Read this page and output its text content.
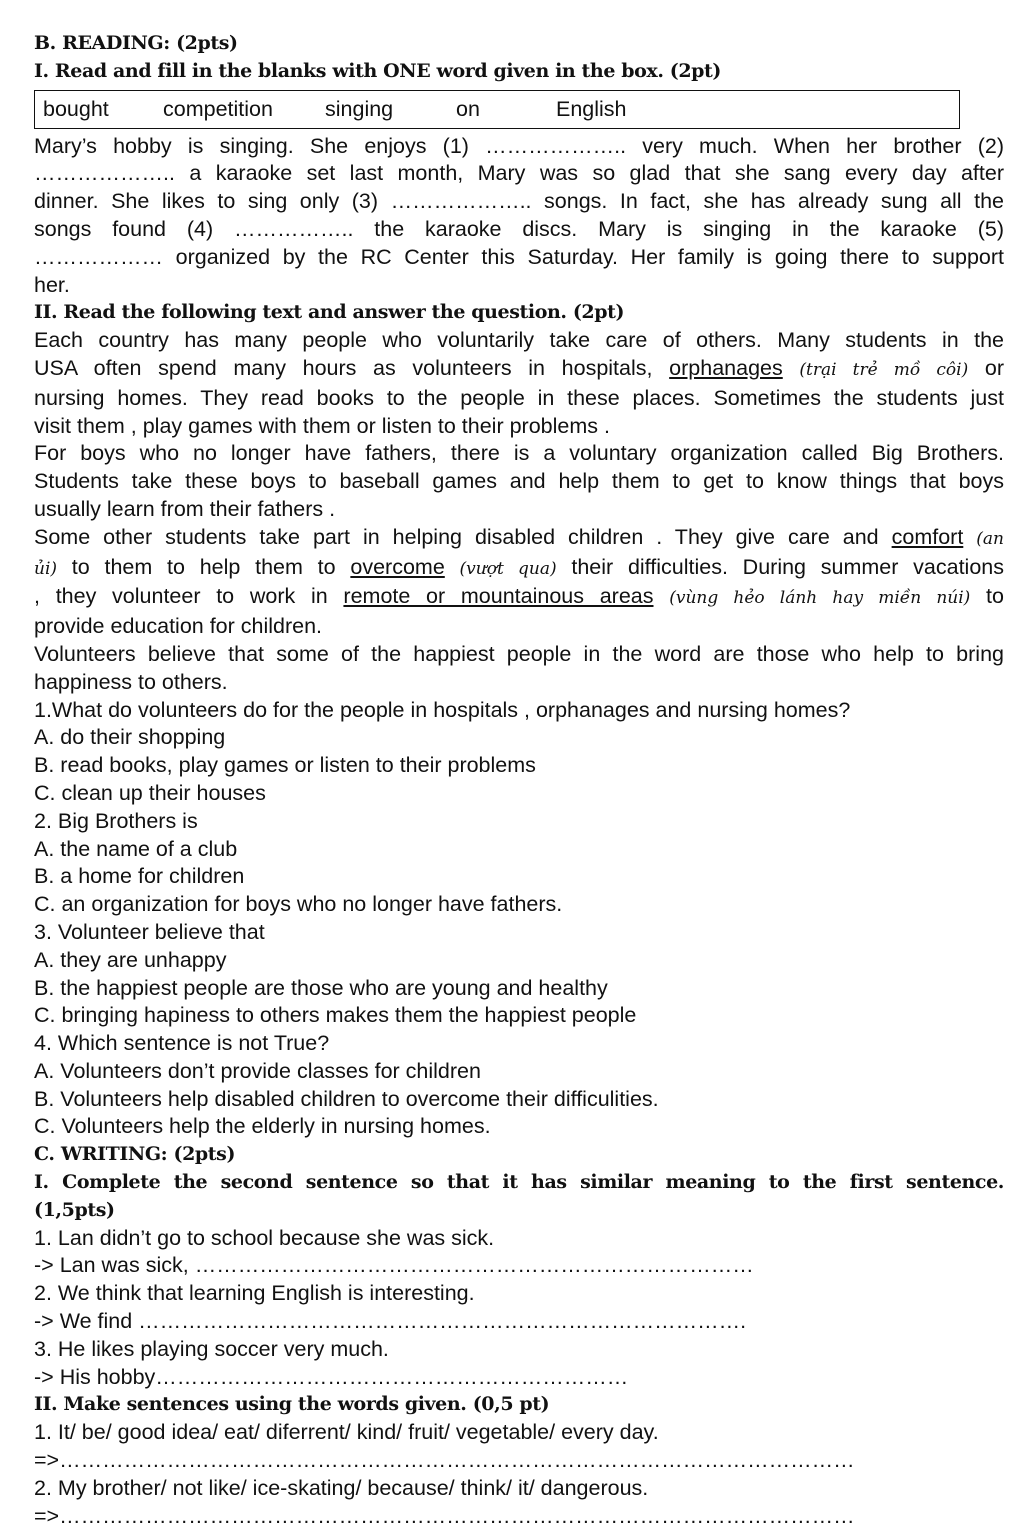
B. READING: (2pts)
I. Read and fill in the blanks with ONE word given in the box. (2pt)
bought	competition singing	on	English
Mary’s hobby is singing. She enjoys (1) ……………….. very much. When her brother (2)
……………….. a karaoke set last month, Mary was so glad that she sang every day after
dinner. She likes to sing only (3) ……………….. songs. In fact, she has already sung all the
songs found (4) …………….. the karaoke discs. Mary is singing in the karaoke (5)
……………… organized by the RC Center this Saturday. Her family is going there to support
her.
II. Read the following text and answer the question. (2pt)
Each country has many people who voluntarily take care of others. Many students in the
USA often spend many hours as volunteers in hospitals, orphanages (trại trẻ mồ côi) or
nursing homes. They read books to the people in these places. Sometimes the students just
visit them , play games with them or listen to their problems .
For boys who no longer have fathers, there is a voluntary organization called Big Brothers.
Students take these boys to baseball games and help them to get to know things that boys
usually learn from their fathers .
Some other students take part in helping disabled children . They give care and comfort (an
ủi) to them to help them to overcome (vượt qua) their difficulties. During summer vacations
, they volunteer to work in remote or mountainous areas (vùng hẻo lánh hay miền núi) to
provide education for children.
Volunteers believe that some of the happiest people in the word are those who help to bring
happiness to others.
1.What do volunteers do for the people in hospitals , orphanages and nursing homes?
A. do their shopping
B. read books, play games or listen to their problems
C. clean up their houses
2. Big Brothers is
A. the name of a club
B. a home for children
C. an organization for boys who no longer have fathers.
3. Volunteer believe that
A. they are unhappy
B. the happiest people are those who are young and healthy
C. bringing hapiness to others makes them the happiest people
4. Which sentence is not True?
A. Volunteers don’t provide classes for children
B. Volunteers help disabled children to overcome their difficulities.
C. Volunteers help the elderly in nursing homes.
C. WRITING: (2pts)
I. Complete the second sentence so that it has similar meaning to the first sentence.
(1,5pts)
1. Lan didn’t go to school because she was sick.
-> Lan was sick, ……………………………………………………………………
2. We think that learning English is interesting.
-> We find ………………………………………………………………………….
3. He likes playing soccer very much.
-> His hobby…………………………………………………………
II. Make sentences using the words given. (0,5 pt)
1. It/ be/ good idea/ eat/ diferrent/ kind/ fruit/ vegetable/ every day.
=>…………………………………………………………………………………………………
2. My brother/ not like/ ice-skating/ because/ think/ it/ dangerous.
=>…………………………………………………………………………………………………
